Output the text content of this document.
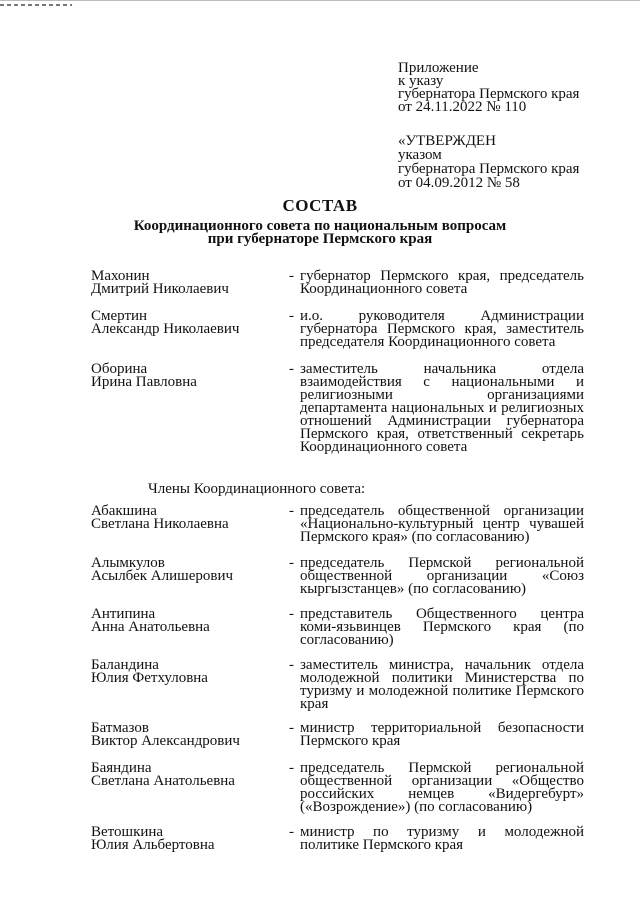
Приложение
к указу
губернатора Пермского края
от 24.11.2022 № 110
«УТВЕРЖДЕН
указом
губернатора Пермского края
от 04.09.2012 № 58
СОСТАВ
Координационного совета по национальным вопросам
при губернаторе Пермского края
Махонин
Дмитрий Николаевич
- губернатор Пермского края, председатель Координационного совета
Смертин
Александр Николаевич
- и.о. руководителя Администрации губернатора Пермского края, заместитель председателя Координационного совета
Оборина
Ирина Павловна
- заместитель начальника отдела взаимодействия с национальными и религиозными организациями департамента национальных и религиозных отношений Администрации губернатора Пермского края, ответственный секретарь Координационного совета
Члены Координационного совета:
Абакшина
Светлана Николаевна
- председатель общественной организации «Национально-культурный центр чувашей Пермского края» (по согласованию)
Алымкулов
Асылбек Алишерович
- председатель Пермской региональной общественной организации «Союз кыргызстанцев» (по согласованию)
Антипина
Анна Анатольевна
- представитель Общественного центра коми-язьвинцев Пермского края (по согласованию)
Баландина
Юлия Фетхуловна
- заместитель министра, начальник отдела молодежной политики Министерства по туризму и молодежной политике Пермского края
Батмазов
Виктор Александрович
- министр территориальной безопасности Пермского края
Баяндина
Светлана Анатольевна
- председатель Пермской региональной общественной организации «Общество российских немцев «Видергебурт» («Возрождение») (по согласованию)
Ветошкина
Юлия Альбертовна
- министр по туризму и молодежной политике Пермского края
